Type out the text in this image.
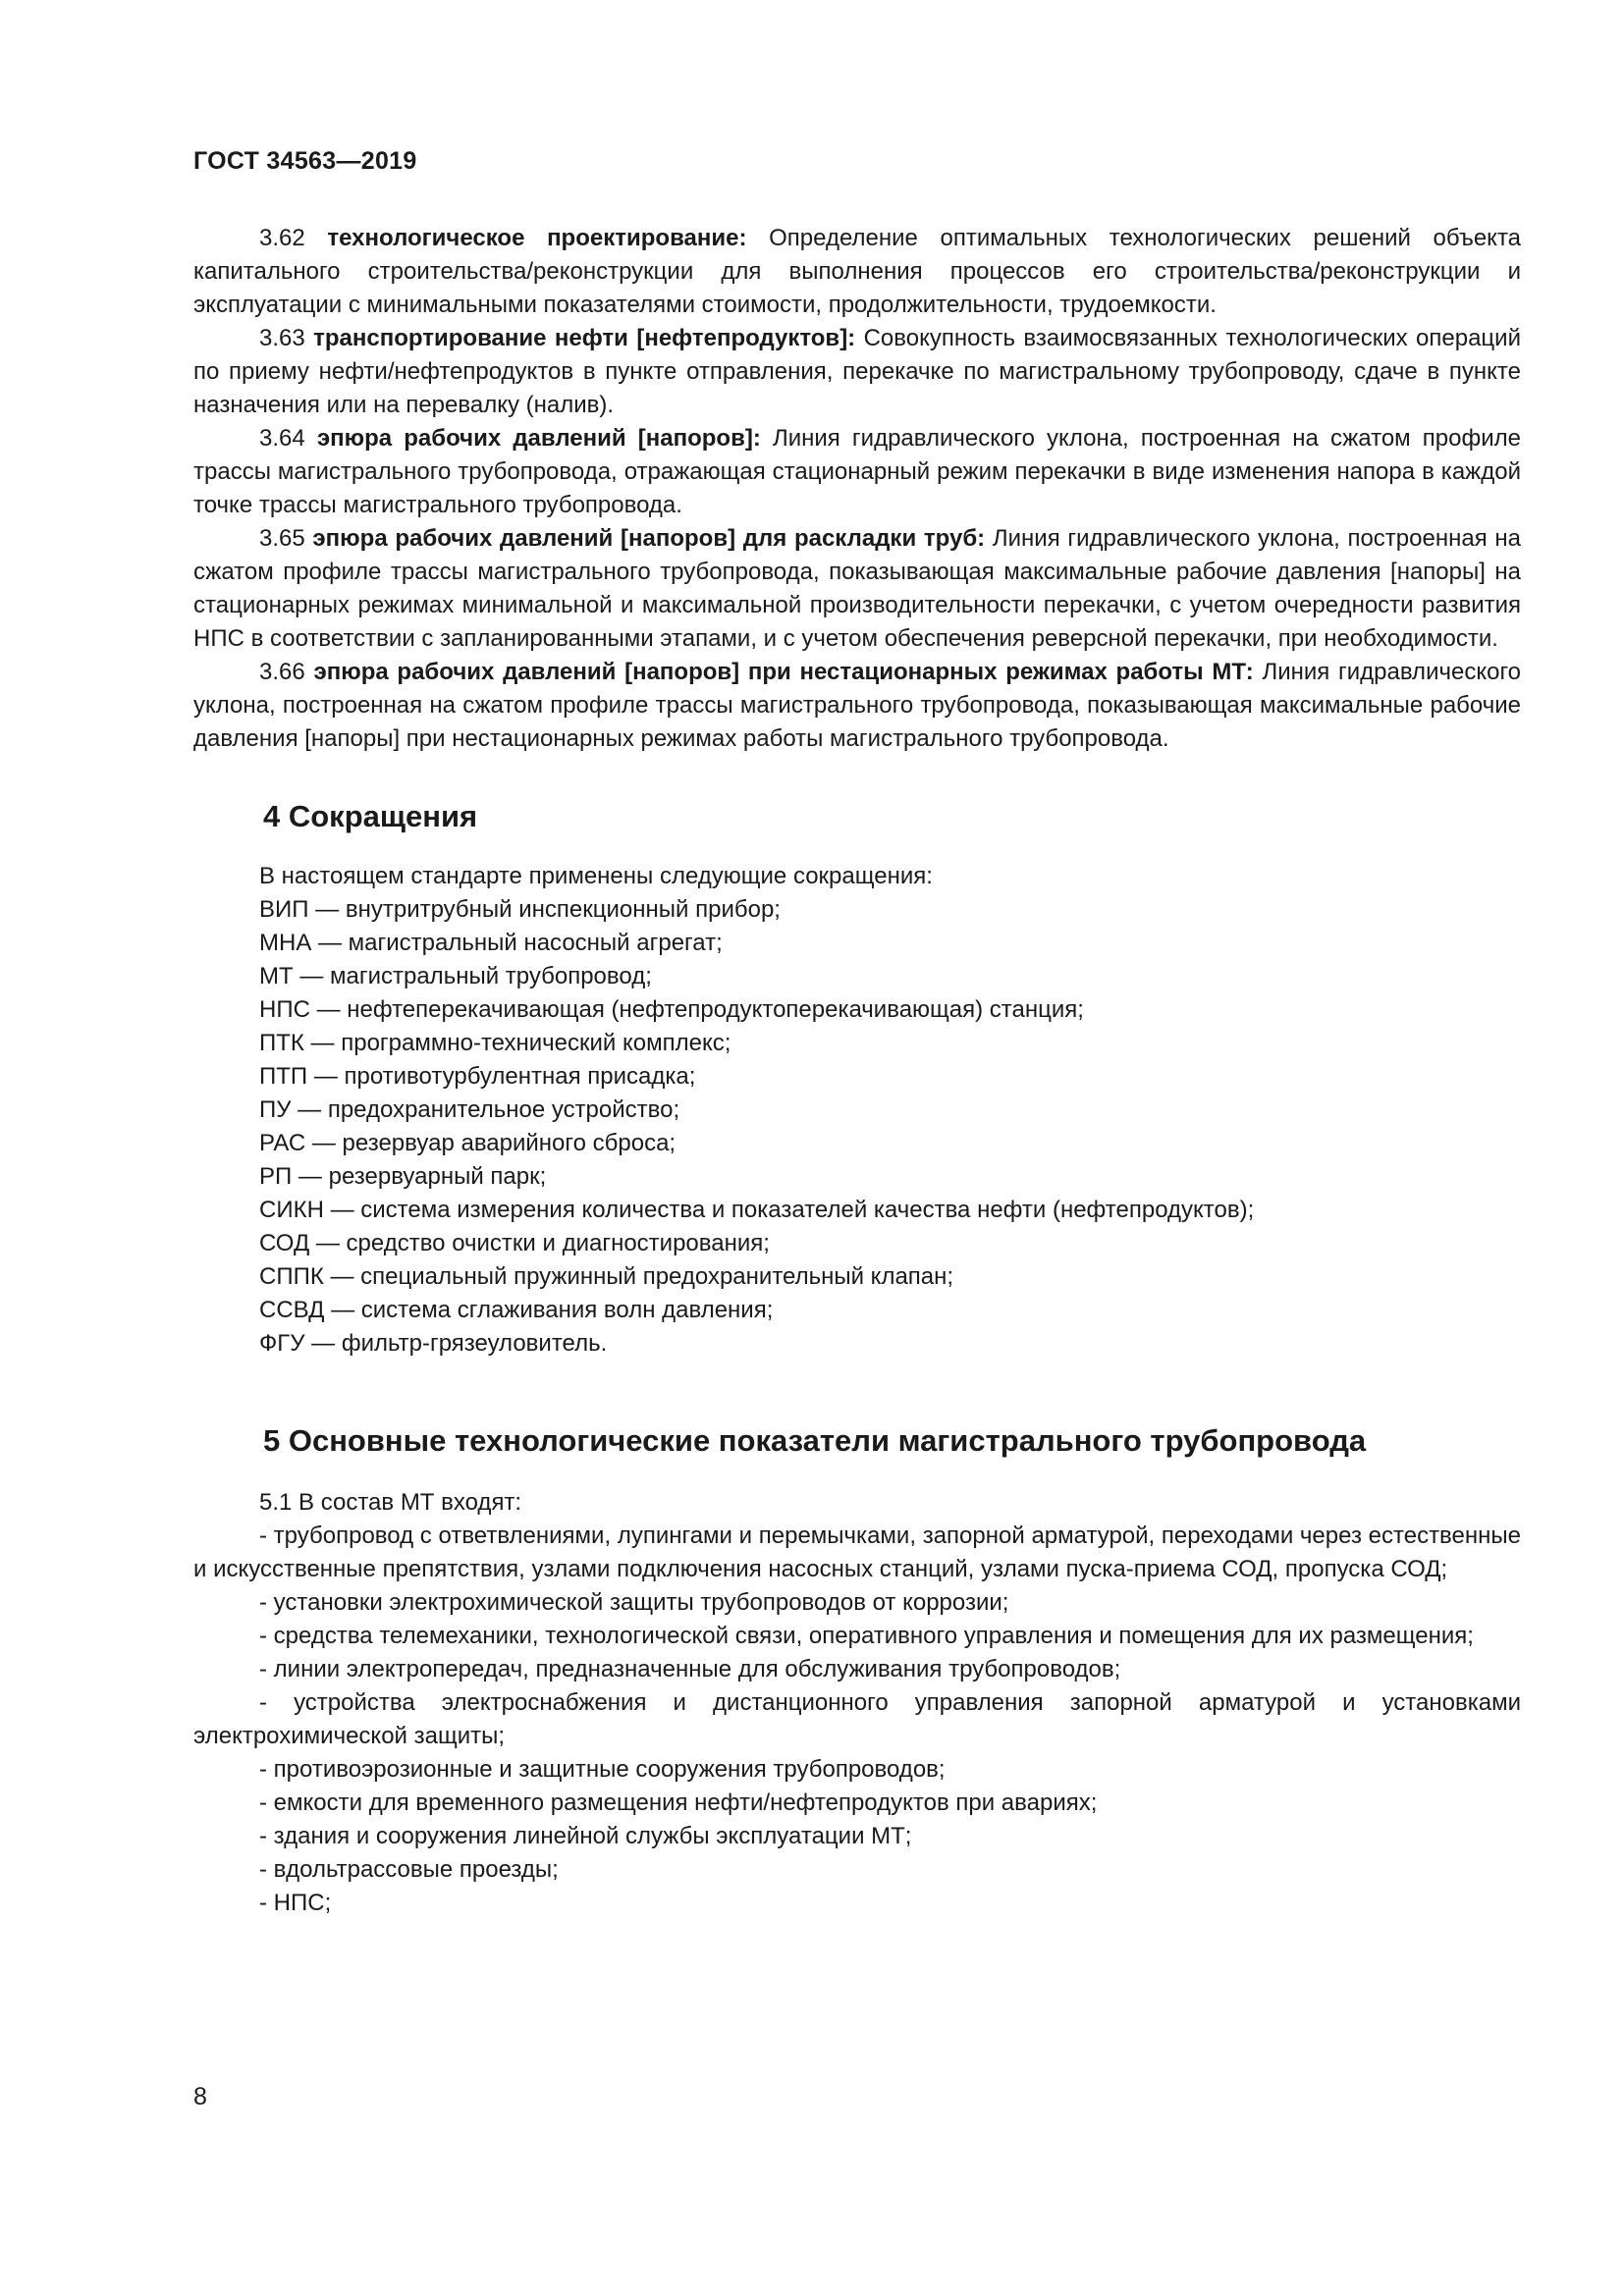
ГОСТ 34563—2019

3.62 технологическое проектирование: Определение оптимальных технологических решений объекта капитального строительства/реконструкции для выполнения процессов его строительства/реконструкции и эксплуатации с минимальными показателями стоимости, продолжительности, трудоемкости.

3.63 транспортирование нефти [нефтепродуктов]: Совокупность взаимосвязанных технологических операций по приему нефти/нефтепродуктов в пункте отправления, перекачке по магистральному трубопроводу, сдаче в пункте назначения или на перевалку (налив).

3.64 эпюра рабочих давлений [напоров]: Линия гидравлического уклона, построенная на сжатом профиле трассы магистрального трубопровода, отражающая стационарный режим перекачки в виде изменения напора в каждой точке трассы магистрального трубопровода.

3.65 эпюра рабочих давлений [напоров] для раскладки труб: Линия гидравлического уклона, построенная на сжатом профиле трассы магистрального трубопровода, показывающая максимальные рабочие давления [напоры] на стационарных режимах минимальной и максимальной производительности перекачки, с учетом очередности развития НПС в соответствии с запланированными этапами, и с учетом обеспечения реверсной перекачки, при необходимости.

3.66 эпюра рабочих давлений [напоров] при нестационарных режимах работы МТ: Линия гидравлического уклона, построенная на сжатом профиле трассы магистрального трубопровода, показывающая максимальные рабочие давления [напоры] при нестационарных режимах работы магистрального трубопровода.

4 Сокращения

В настоящем стандарте применены следующие сокращения:

ВИП — внутритрубный инспекционный прибор;

МНА — магистральный насосный агрегат;

МТ — магистральный трубопровод;

НПС — нефтеперекачивающая (нефтепродуктоперекачивающая) станция;

ПТК — программно-технический комплекс;

ПТП — противотурбулентная присадка;

ПУ — предохранительное устройство;

РАС — резервуар аварийного сброса;

РП — резервуарный парк;

СИКН — система измерения количества и показателей качества нефти (нефтепродуктов);

СОД — средство очистки и диагностирования;

СППК — специальный пружинный предохранительный клапан;

ССВД — система сглаживания волн давления;

ФГУ — фильтр-грязеуловитель.

5 Основные технологические показатели магистрального трубопровода

5.1 В состав МТ входят:

- трубопровод с ответвлениями, лупингами и перемычками, запорной арматурой, переходами через естественные и искусственные препятствия, узлами подключения насосных станций, узлами пуска-приема СОД, пропуска СОД;

- установки электрохимической защиты трубопроводов от коррозии;

- средства телемеханики, технологической связи, оперативного управления и помещения для их размещения;

- линии электропередач, предназначенные для обслуживания трубопроводов;

- устройства электроснабжения и дистанционного управления запорной арматурой и установками электрохимической защиты;

- противоэрозионные и защитные сооружения трубопроводов;

- емкости для временного размещения нефти/нефтепродуктов при авариях;

- здания и сооружения линейной службы эксплуатации МТ;

- вдольтрассовые проезды;

- НПС;

8
